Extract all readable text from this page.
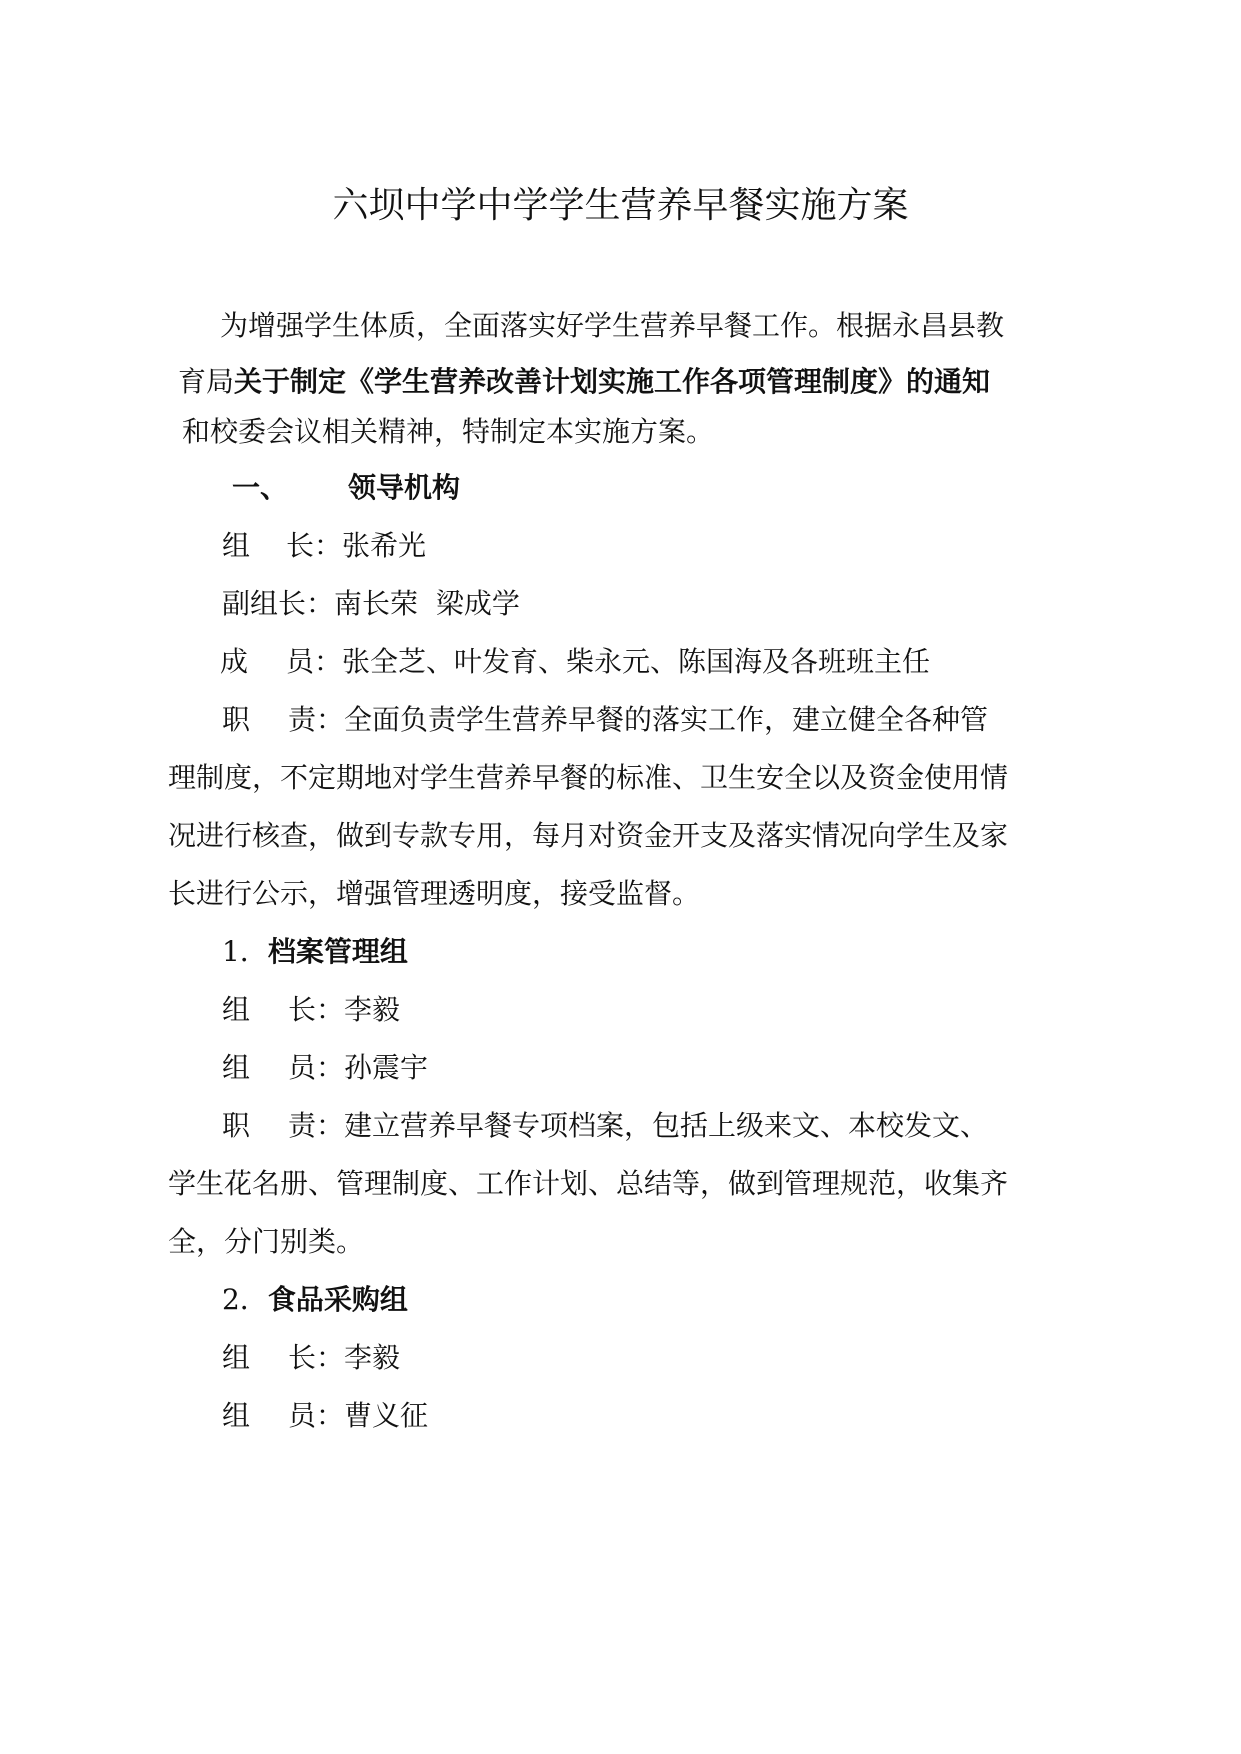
六坝中学中学学生营养早餐实施方案

为增强学生体质，全面落实好学生营养早餐工作。根据永昌县教

育局关于制定《学生营养改善计划实施工作各项管理制度》的通知

和校委会议相关精神，特制定本实施方案。

一、 领导机构

组 长：张希光

副组长：南长荣  梁成学

成 员：张全芝、叶发育、柴永元、陈国海及各班班主任

职 责：全面负责学生营养早餐的落实工作，建立健全各种管

理制度，不定期地对学生营养早餐的标准、卫生安全以及资金使用情

况进行核查，做到专款专用，每月对资金开支及落实情况向学生及家

长进行公示，增强管理透明度，接受监督。

1．档案管理组

组 长：李毅

组 员：孙震宇

职 责：建立营养早餐专项档案，包括上级来文、本校发文、

学生花名册、管理制度、工作计划、总结等，做到管理规范，收集齐

全，分门别类。

2．食品采购组

组 长：李毅

组 员：曹义征
